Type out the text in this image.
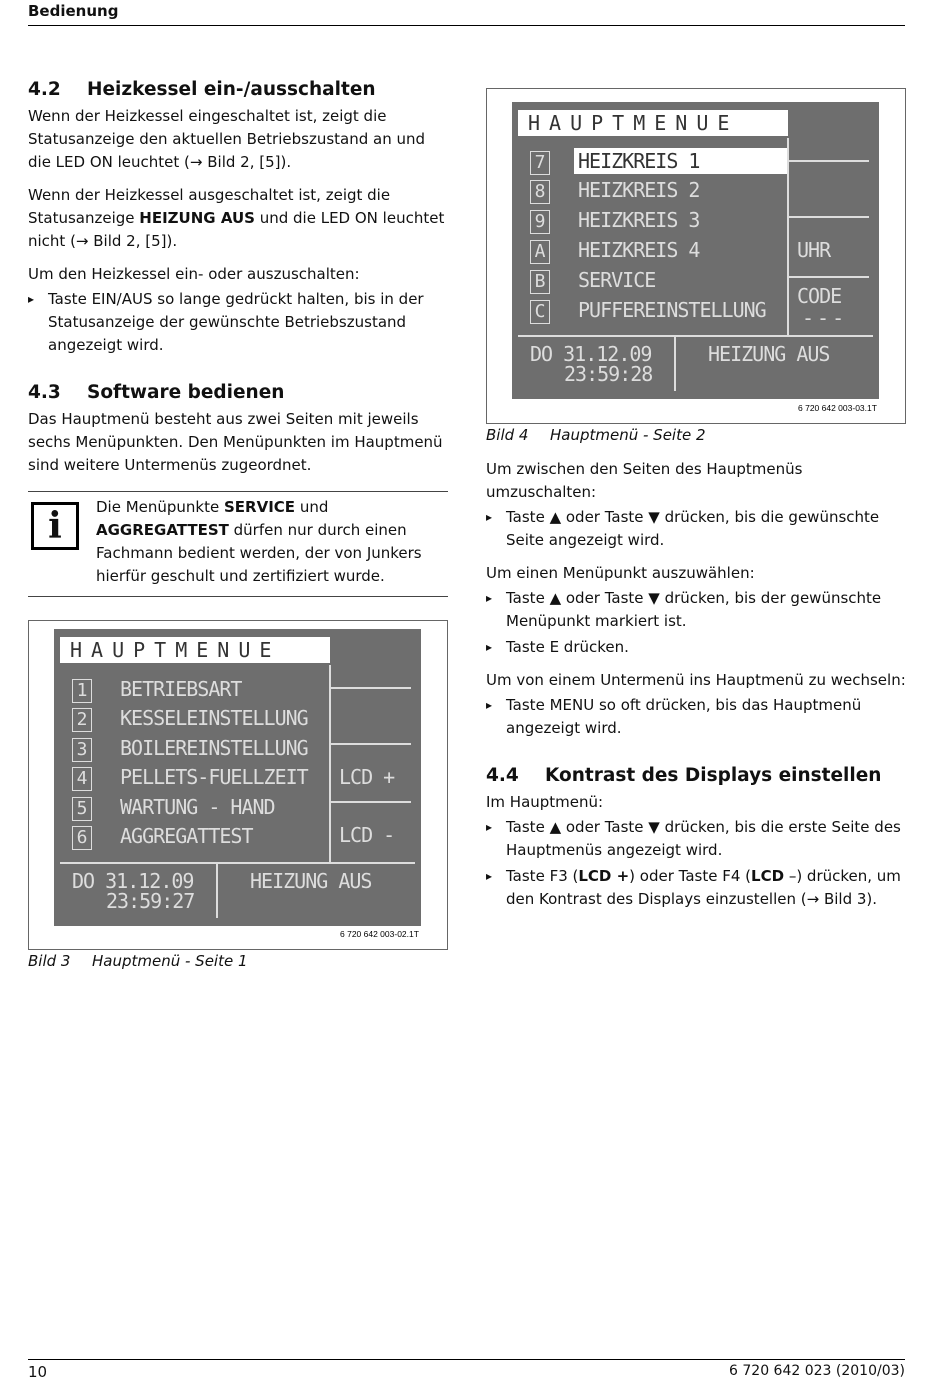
Bedienung
4.2 Heizkessel ein-/ausschalten

Wenn der Heizkessel eingeschaltet ist, zeigt die Statusanzeige den aktuellen Betriebszustand an und die LED ON leuchtet (→ Bild 2, [5]).

Wenn der Heizkessel ausgeschaltet ist, zeigt die Statusanzeige HEIZUNG AUS und die LED ON leuchtet nicht (→ Bild 2, [5]).

Um den Heizkessel ein- oder auszuschalten:

▸ Taste EIN/AUS so lange gedrückt halten, bis in der Statusanzeige der gewünschte Betriebszustand angezeigt wird.
4.3 Software bedienen

Das Hauptmenü besteht aus zwei Seiten mit jeweils sechs Menüpunkten. Den Menüpunkten im Hauptmenü sind weitere Untermenüs zugeordnet.

i	Die Menüpunkte SERVICE und AGGREGATTEST dürfen nur durch einen Fachmann bedient werden, der von Junkers hierfür geschult und zertifiziert wurde.
HAUPTMENUE
1 BETRIEBSART
2 KESSELEINSTELLUNG
3 BOILEREINSTELLUNG
4 PELLETS-FUELLZEIT
5 WARTUNG - HAND
6 AGGREGATTEST
LCD +
LCD -
DO 31.12.09
23:59:27
HEIZUNG AUS
6 720 642 003-02.1T
Bild 3 Hauptmenü - Seite 1
HAUPTMENUE
7 HEIZKREIS 1
8 HEIZKREIS 2
9 HEIZKREIS 3
A HEIZKREIS 4
B SERVICE
C PUFFEREINSTELLUNG
UHR
CODE
---
DO 31.12.09
23:59:28
HEIZUNG AUS
6 720 642 003-03.1T
Bild 4 Hauptmenü - Seite 2

Um zwischen den Seiten des Hauptmenüs umzuschalten:

▸ Taste ▲ oder Taste ▼ drücken, bis die gewünschte Seite angezeigt wird.

Um einen Menüpunkt auszuwählen:

▸ Taste ▲ oder Taste ▼ drücken, bis der gewünschte Menüpunkt markiert ist.
▸ Taste E drücken.

Um von einem Untermenü ins Hauptmenü zu wechseln:

▸ Taste MENU so oft drücken, bis das Hauptmenü angezeigt wird.
4.4 Kontrast des Displays einstellen

Im Hauptmenü:

▸ Taste ▲ oder Taste ▼ drücken, bis die erste Seite des Hauptmenüs angezeigt wird.
▸ Taste F3 (LCD +) oder Taste F4 (LCD –) drücken, um den Kontrast des Displays einzustellen (→ Bild 3).
10	6 720 642 023 (2010/03)
